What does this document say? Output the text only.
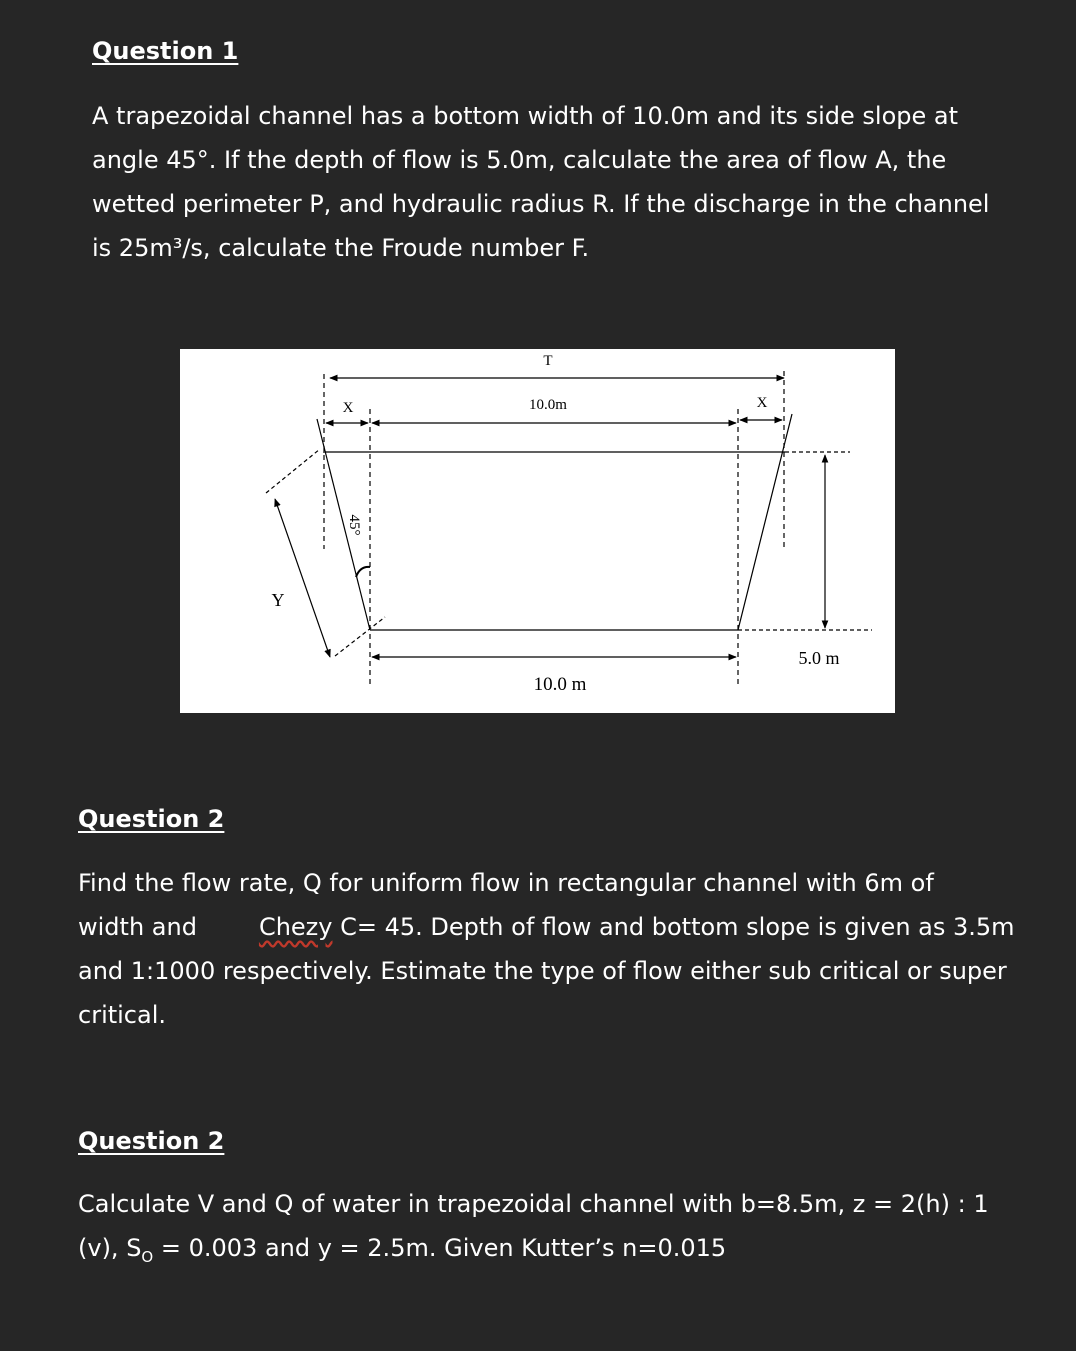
Question 1
A trapezoidal channel has a bottom width of 10.0m and its side slope at
angle 45°. If the depth of flow is 5.0m, calculate the area of flow A, the
wetted perimeter P, and hydraulic radius R. If the discharge in the channel
is 25m³/s, calculate the Froude number F.
T
X	X
10.0m
45°
Y
5.0 m
10.0 m
Question 2
Find the flow rate, Q for uniform flow in rectangular channel with 6m of
width and	Chezy C= 45. Depth of flow and bottom slope is given as 3.5m
and 1:1000 respectively. Estimate the type of flow either sub critical or super
critical.
Question 2
Calculate V and Q of water in trapezoidal channel with b=8.5m, z = 2(h) : 1
(v), $S_O = 0.003$ and y = 2.5m. Given Kutter’s n=0.015
